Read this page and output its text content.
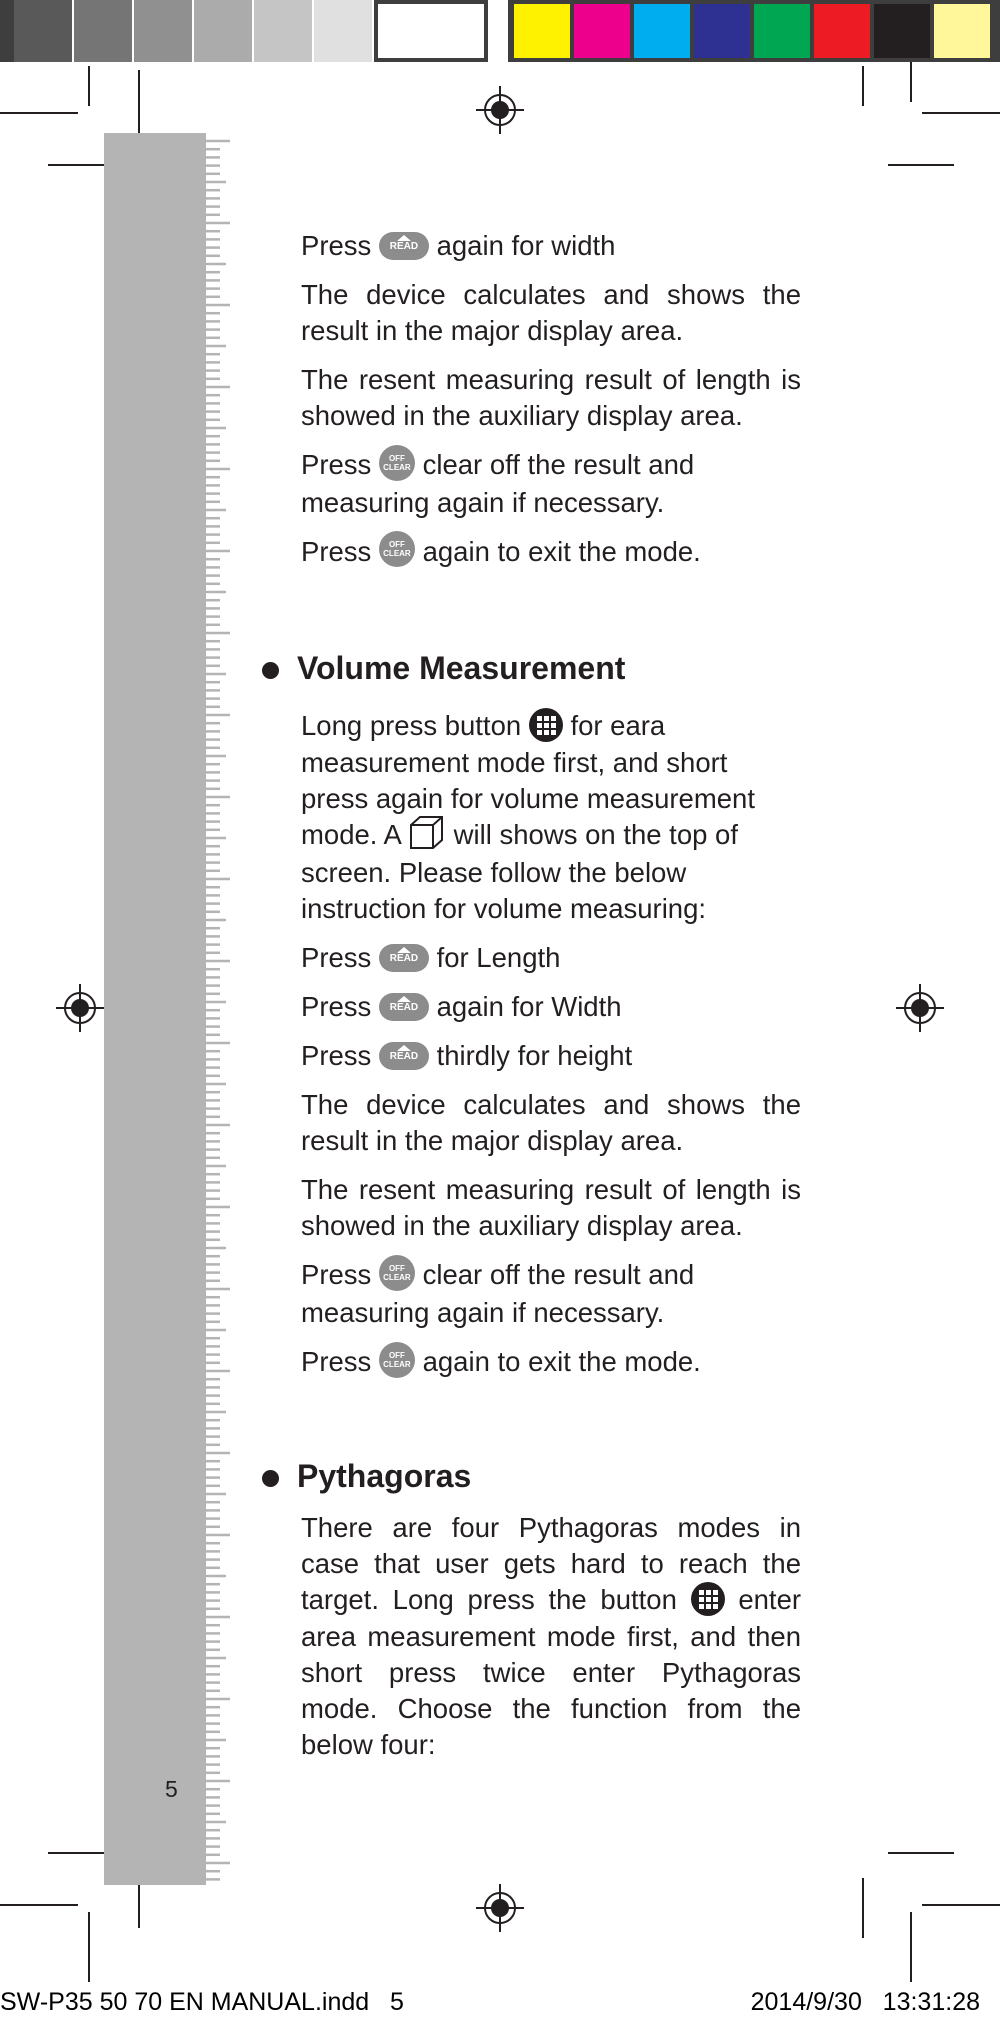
5

Press READ again for width

The device calculates and shows the result in the major display area.

The resent measuring result of length is showed in the auxiliary display area.

Press	OFF
CLEAR clear off the result and measuring again if necessary.

Press	OFF
CLEAR again to exit the mode.

Volume Measurement

Long press button for eara measurement mode first, and short press again for volume measurement mode. A will shows on the top of screen. Please follow the below instruction for volume measuring:

Press READ for Length

Press READ again for Width

Press READ thirdly for height

The device calculates and shows the result in the major display area.

The resent measuring result of length is showed in the auxiliary display area.

Press	OFF
CLEAR clear off the result and measuring again if necessary.

Press	OFF
CLEAR again to exit the mode.

Pythagoras

There are four Pythagoras modes in case that user gets hard to reach the target. Long press the button enter area measurement mode first, and then short press twice enter Pythagoras mode. Choose the function from the below four:

SW-P35 50 70 EN MANUAL.indd   5	2014/9/30   13:31:28
